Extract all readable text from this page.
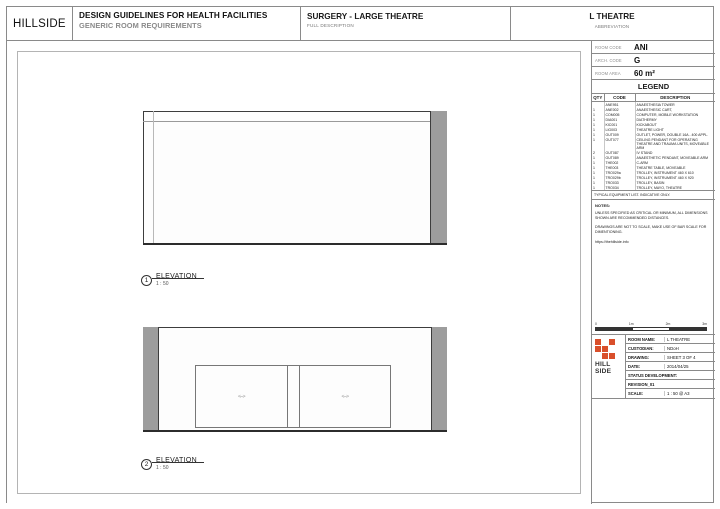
HILLSIDE
DESIGN GUIDELINES FOR HEALTH FACILITIES
GENERIC ROOM REQUIREMENTS
SURGERY - LARGE THEATRE
FULL DESCRIPTION
L THEATRE
ABBREVIATION
1	ELEVATION
1 : 50
<---->	<---->
2	ELEVATION
1 : 50
ROOM CODE	ANI
ARCH. CODE	G
ROOM AREA	60 m²
LEGEND
QTY	CODE	DESCRIPTION
	ANE951	ANAESTHESIA TOWER
1	ANE002	ANAESTHESIC CART,
1	COM005	COMPUTER, MOBILE WORKSTATION
1	DIA001	DIATHERMY
1	KIC001	KICKABOUT
1	LIG003	THEATRE LIGHT
1	OUT009	OUTLET, POWER, DOUBLE 16A - 400 APPL.
1	OUT077	CEILING PENDANT FOR OPERATING THEATRE AND TRAUMA UNITS, MOVEABLE ARM
2	OUT087	IV STAND
1	OUT089	ANAESTHETIC PENDANT, MOVEABLE ARM
1	THE002	C-ARM
1	THE003	THEATRE TABLE, MOVEABLE
1	TRO029a	TROLLEY, INSTRUMENT 460 X 610
1	TRO029b	TROLLEY, INSTRUMENT 460 X 920
1	TRO033	TROLLEY, BASIN
1	TRO034	TROLLEY, MAYO, THEATRE
TYPICAL EQUIPMENT LIST. INDICATIVE ONLY.
NOTES:

UNLESS SPECIFIED AS CRITICAL OR MINIMUM, ALL DIMENSIONS SHOWN ARE RECOMMENDED DISTANCES.

DRAWINGS ARE NOT TO SCALE, MAKE USE OF BAR SCALE FOR DIMENTIONING.

https://thehillside.info
0	1m	2m	3m
HILL
SIDE
ROOM NAME:	L THEATRE
CUSTODIAN:	NDoH
DRAWING:	SHEET 3 OF 4
DATE:	2014/04/25
STATUS DEVELOPMENT:
REVISION_01
SCALE:	1 : 50 @ A3
